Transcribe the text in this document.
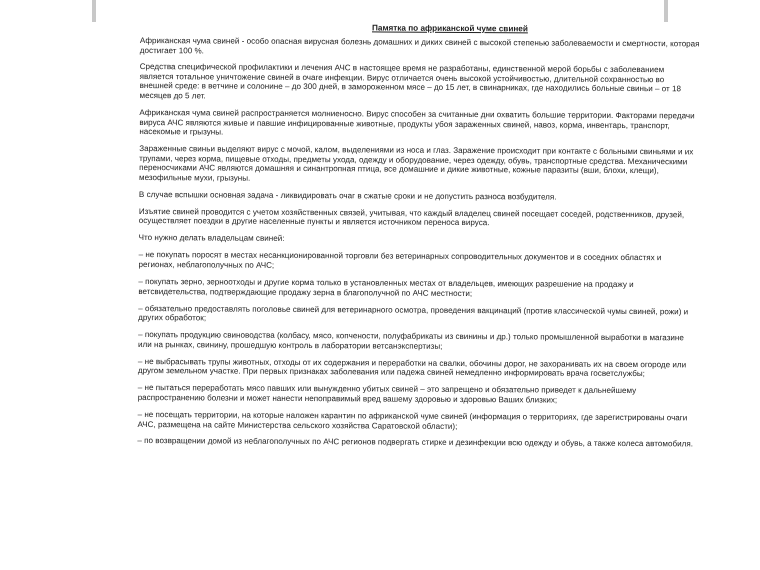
Памятка по африканской чуме свиней

Африканская чума свиней - особо опасная вирусная болезнь домашних и диких свиней с высокой степенью заболеваемости и смертности, которая достигает 100 %.

Средства специфической профилактики и лечения АЧС в настоящее время не разработаны, единственной мерой борьбы с заболеванием является тотальное уничтожение свиней в очаге инфекции. Вирус отличается очень высокой устойчивостью, длительной сохранностью во внешней среде: в ветчине и солонине – до 300 дней, в замороженном мясе – до 15 лет, в свинарниках, где находились больные свиньи – от 18 месяцев до 5 лет.

Африканская чума свиней распространяется молниеносно. Вирус способен за считанные дни охватить большие территории. Факторами передачи вируса АЧС являются живые и павшие инфицированные животные, продукты убоя зараженных свиней, навоз, корма, инвентарь, транспорт, насекомые и грызуны.

Зараженные свиньи выделяют вирус с мочой, калом, выделениями из носа и глаз. Заражение происходит при контакте с больными свиньями и их трупами, через корма, пищевые отходы, предметы ухода, одежду и оборудование, через одежду, обувь, транспортные средства. Механическими переносчиками АЧС являются домашняя и синантропная птица, все домашние и дикие животные, кожные паразиты (вши, блохи, клещи), мезофильные мухи, грызуны.

В случае вспышки основная задача - ликвидировать очаг в сжатые сроки и не допустить разноса возбудителя.

Изъятие свиней проводится с учетом хозяйственных связей, учитывая, что каждый владелец свиней посещает соседей, родственников, друзей, осуществляет поездки в другие населенные пункты и является источником переноса вируса.

Что нужно делать владельцам свиней:

– не покупать поросят в местах несанкционированной торговли без ветеринарных сопроводительных документов и в соседних областях и регионах, неблагополучных по АЧС;

– покупать зерно, зерноотходы и другие корма только в установленных местах от владельцев, имеющих разрешение на продажу и ветсвидетельства, подтверждающие продажу зерна в благополучной по АЧС местности;

– обязательно предоставлять поголовье свиней для ветеринарного осмотра, проведения вакцинаций (против классической чумы свиней, рожи) и других обработок;

– покупать продукцию свиноводства (колбасу, мясо, копчености, полуфабрикаты из свинины и др.) только промышленной выработки в магазине или на рынках, свинину, прошедшую контроль в лаборатории ветсанэкспертизы;

– не выбрасывать трупы животных, отходы от их содержания и переработки на свалки, обочины дорог, не захоранивать их на своем огороде или другом земельном участке. При первых признаках заболевания или падежа свиней немедленно информировать врача госветслужбы;

– не пытаться переработать мясо павших или вынужденно убитых свиней – это запрещено и обязательно приведет к дальнейшему распространению болезни и может нанести непоправимый вред вашему здоровью и здоровью Ваших близких;

– не посещать территории, на которые наложен карантин по африканской чуме свиней (информация о территориях, где зарегистрированы очаги АЧС, размещена на сайте Министерства сельского хозяйства Саратовской области);

– по возвращении домой из неблагополучных по АЧС регионов подвергать стирке и дезинфекции всю одежду и обувь, а также колеса автомобиля.
